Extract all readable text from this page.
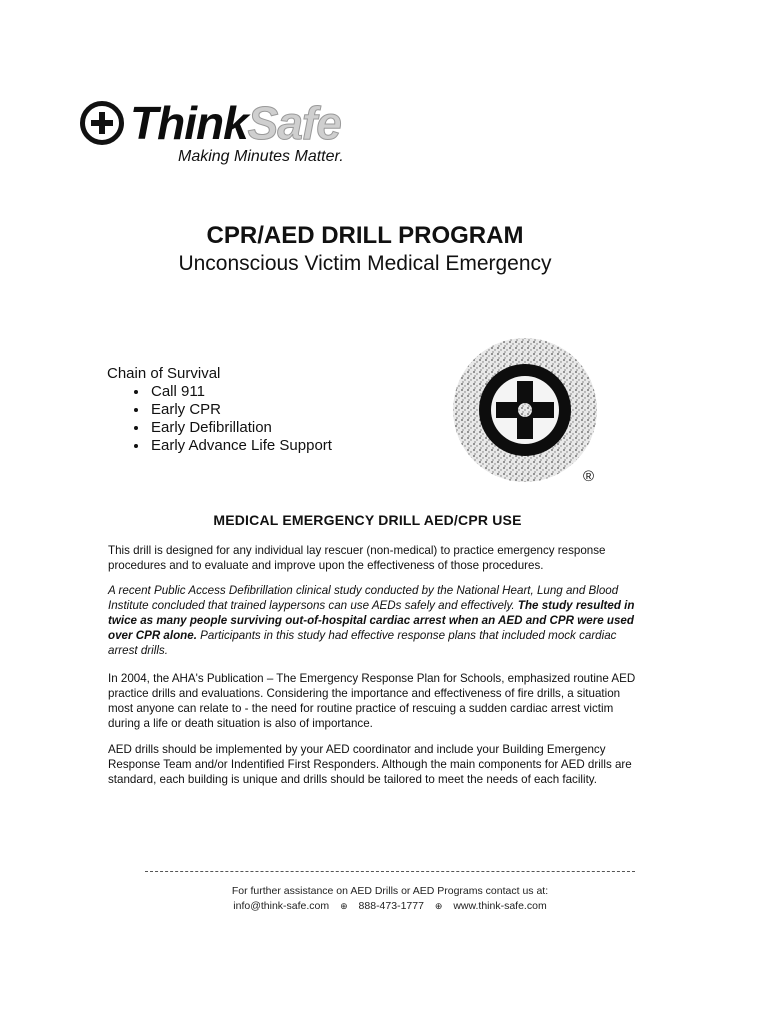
Think Safe
Making Minutes Matter.
CPR/AED DRILL PROGRAM
Unconscious Victim Medical Emergency
Chain of Survival
• Call 911
• Early CPR
• Early Defibrillation
• Early Advance Life Support
®
MEDICAL EMERGENCY DRILL AED/CPR USE

This drill is designed for any individual lay rescuer (non-medical) to practice emergency response procedures and to evaluate and improve upon the effectiveness of those procedures.

A recent Public Access Defibrillation clinical study conducted by the National Heart, Lung and Blood Institute concluded that trained laypersons can use AEDs safely and effectively. The study resulted in twice as many people surviving out-of-hospital cardiac arrest when an AED and CPR were used over CPR alone. Participants in this study had effective response plans that included mock cardiac arrest drills.

In 2004, the AHA's Publication – The Emergency Response Plan for Schools, emphasized routine AED practice drills and evaluations. Considering the importance and effectiveness of fire drills, a situation most anyone can relate to - the need for routine practice of rescuing a sudden cardiac arrest victim during a life or death situation is also of importance.

AED drills should be implemented by your AED coordinator and include your Building Emergency Response Team and/or Indentified First Responders. Although the main components for AED drills are standard, each building is unique and drills should be tailored to meet the needs of each facility.

For further assistance on AED Drills or AED Programs contact us at:
info@think-safe.com ⊕ 888-473-1777 ⊕ www.think-safe.com
